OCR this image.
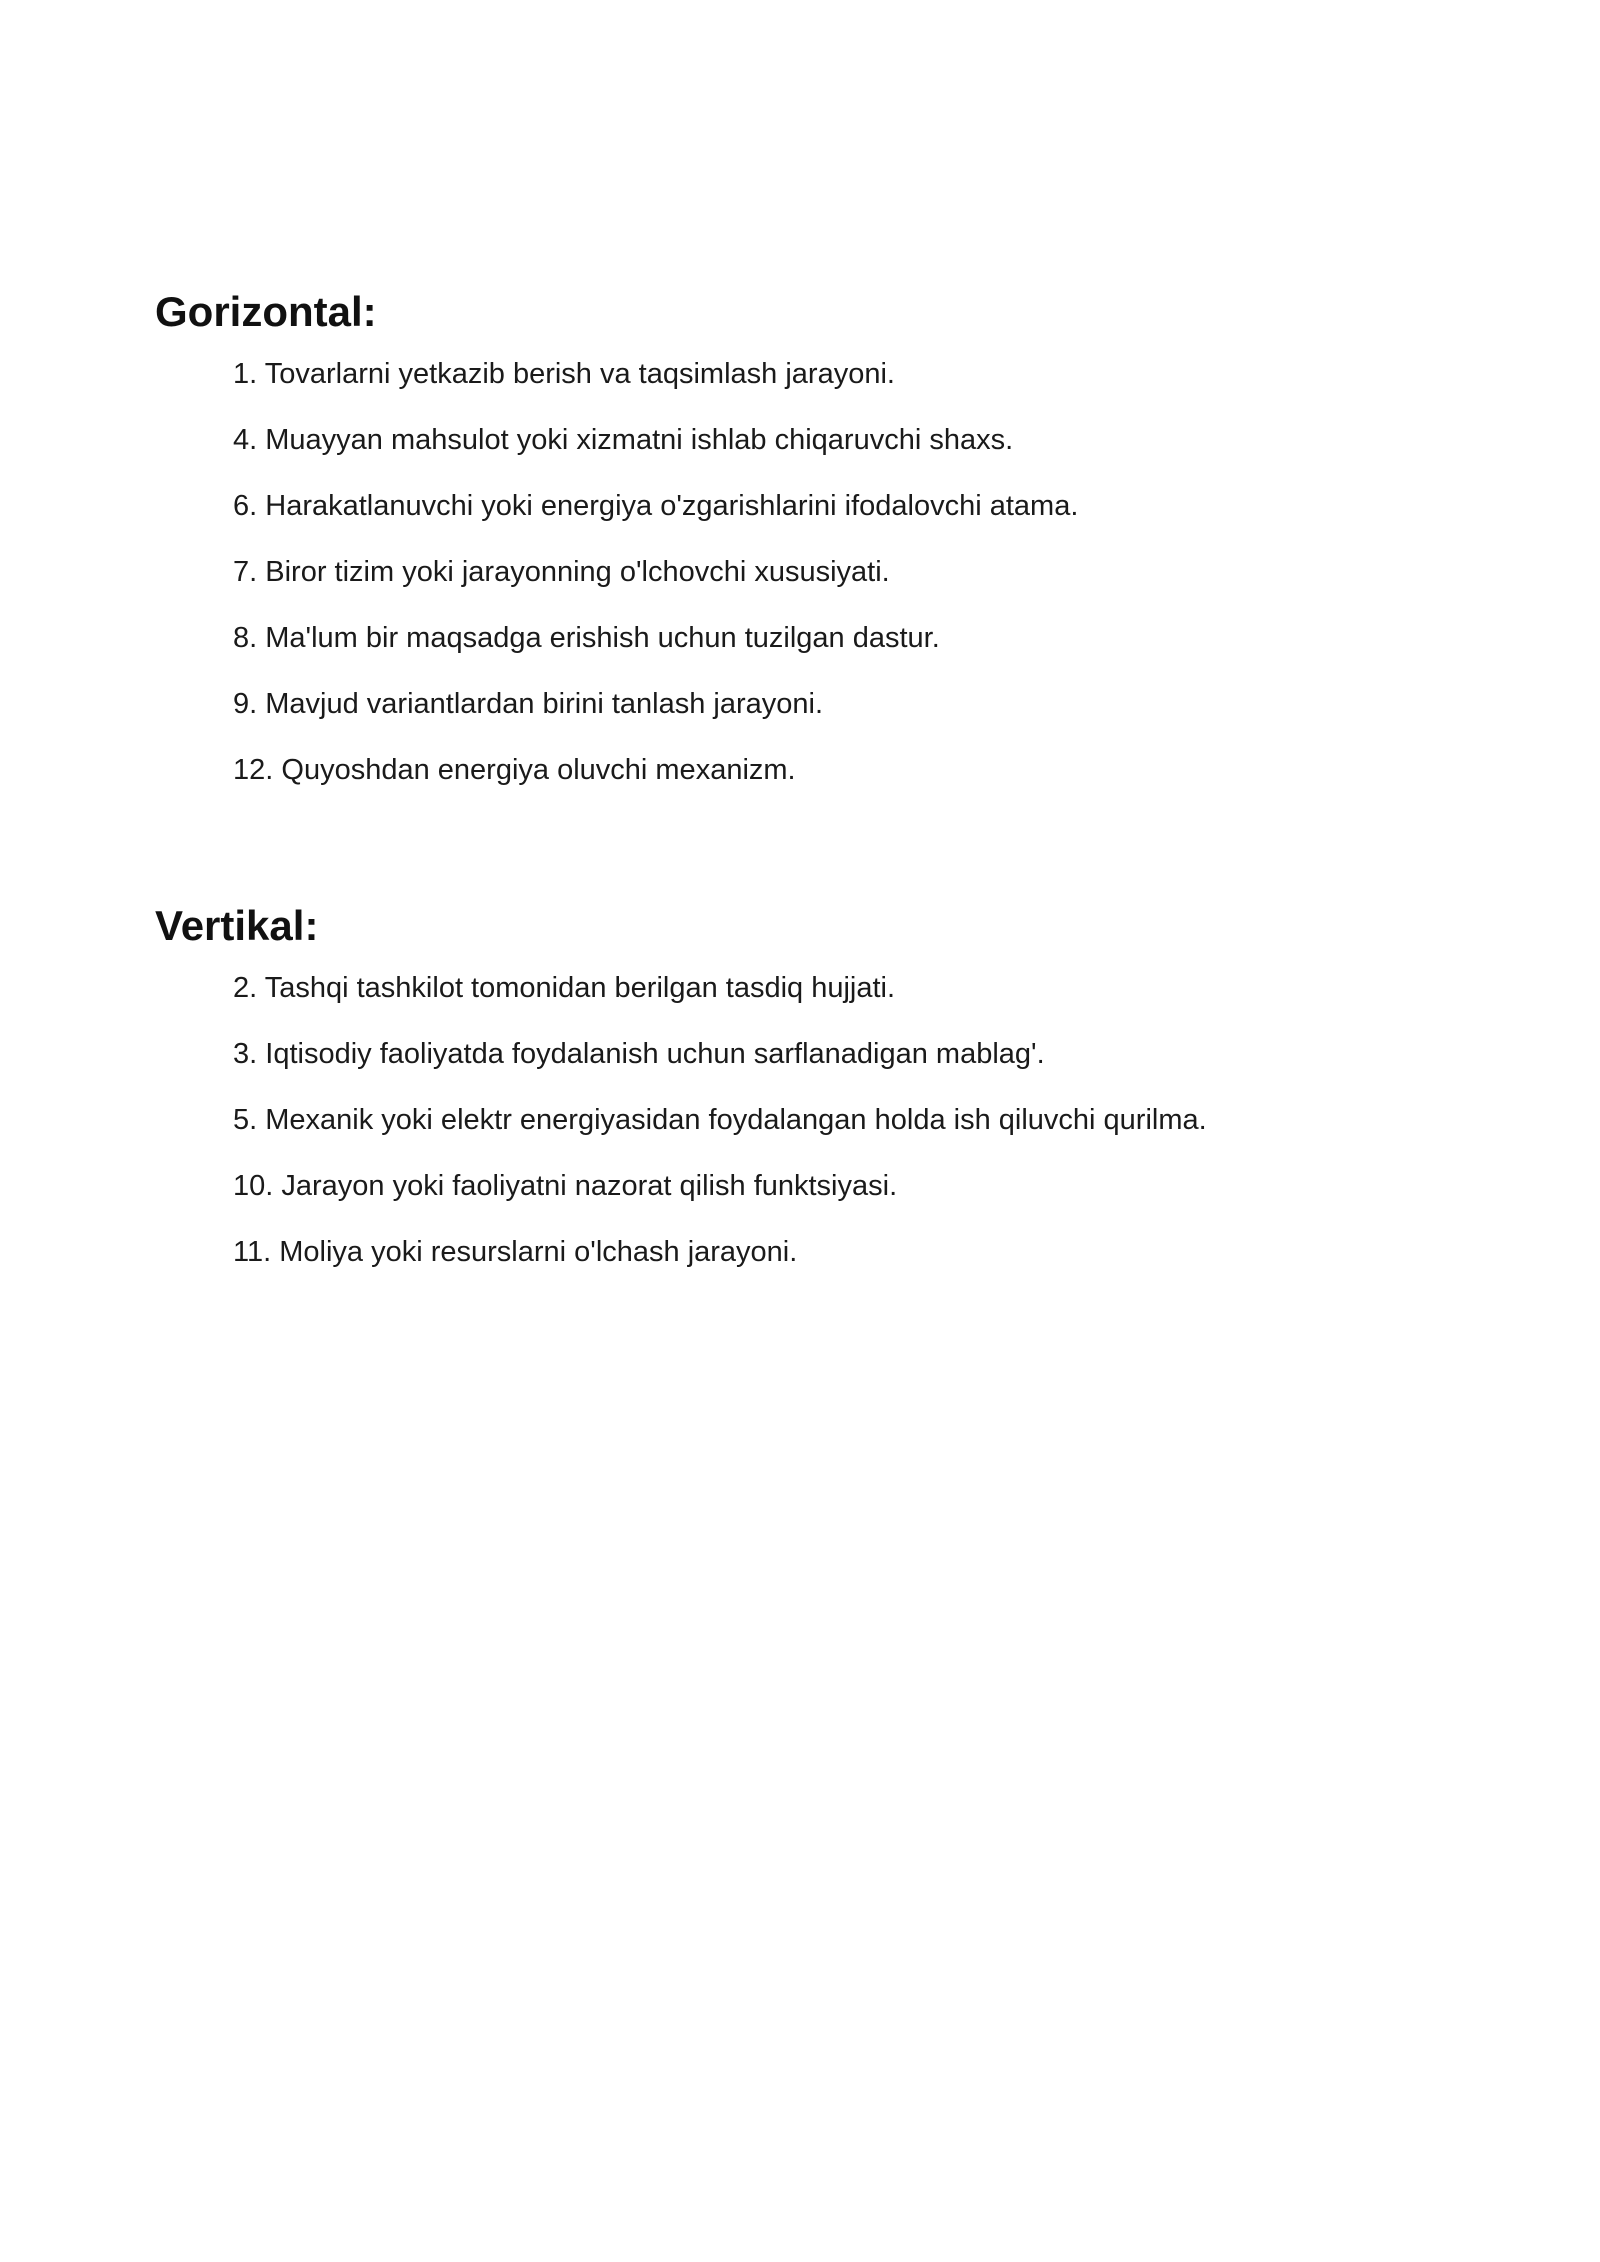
Gorizontal:
1 . Tovarlarni yetkazib berish va taqsimlash jarayoni.
4 . Muayyan mahsulot yoki xizmatni ishlab chiqaruvchi shaxs.
6 . Harakatlanuvchi yoki energiya o'zgarishlarini ifodalovchi atama.
7 . Biror tizim yoki jarayonning o'lchovchi xususiyati.
8 . Ma'lum bir maqsadga erishish uchun tuzilgan dastur.
9 . Mavjud variantlardan birini tanlash jarayoni.
12 . Quyoshdan energiya oluvchi mexanizm.
Vertikal:
2 . Tashqi tashkilot tomonidan berilgan tasdiq hujjati.
3 . Iqtisodiy faoliyatda foydalanish uchun sarflanadigan mablag'.
5 . Mexanik yoki elektr energiyasidan foydalangan holda ish qiluvchi qurilma.
10 . Jarayon yoki faoliyatni nazorat qilish funktsiyasi.
11 . Moliya yoki resurslarni o'lchash jarayoni.
